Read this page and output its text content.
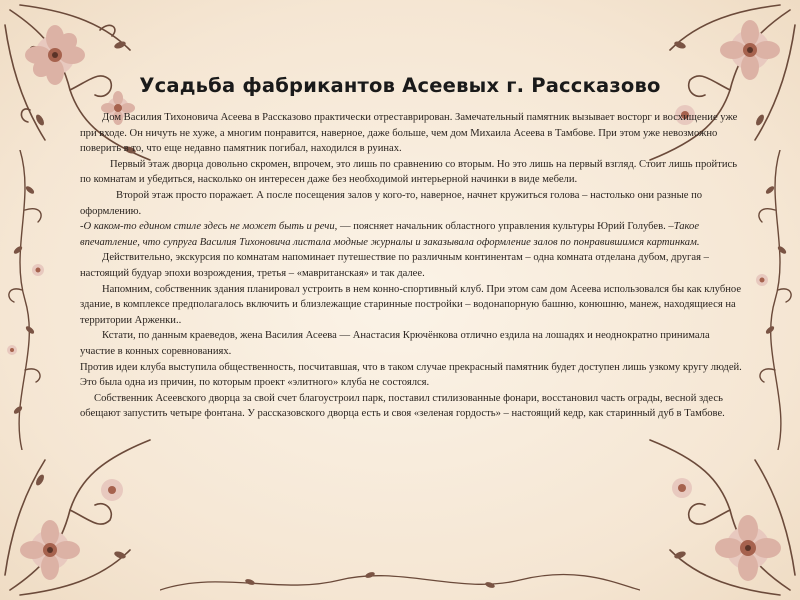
Усадьба фабрикантов Асеевых г. Рассказово

Дом Василия Тихоновича Асеева в Рассказово практически отреставрирован. Замечательный памятник вызывает восторг и восхищение уже при входе. Он ничуть не хуже, а многим понравится, наверное, даже больше, чем дом Михаила Асеева в Тамбове. При этом уже невозможно поверить в то, что еще недавно памятник погибал, находился в руинах.

Первый этаж дворца довольно скромен, впрочем, это лишь по сравнению со вторым. Но это лишь на первый взгляд. Стоит лишь пройтись по комнатам и убедиться, насколько он интересен даже без необходимой интерьерной начинки в виде мебели.

Второй этаж просто поражает. А после посещения залов у кого-то, наверное, начнет кружиться голова – настолько они разные по оформлению.

-О каком-то едином стиле здесь не может быть и речи, — поясняет начальник областного управления культуры Юрий Голубев. –Такое впечатление, что супруга Василия Тихоновича листала модные журналы и заказывала оформление залов по понравившимся картинкам.

Действительно, экскурсия по комнатам напоминает путешествие по различным континентам – одна комната отделана дубом, другая – настоящий будуар эпохи возрождения, третья – «мавританская» и так далее.

Напомним, собственник здания планировал устроить в нем конно-спортивный клуб. При этом сам дом Асеева использовался бы как клубное здание, в комплексе предполагалось включить и близлежащие старинные постройки – водонапорную башню, конюшню, манеж, находящиеся на территории Арженки..

Кстати, по данным краеведов, жена Василия Асеева — Анастасия Крючёнкова отлично ездила на лошадях и неоднократно принимала участие в конных соревнованиях.

Против идеи клуба выступила общественность, посчитавшая, что в таком случае прекрасный памятник будет доступен лишь узкому кругу людей. Это была одна из причин, по которым проект «элитного» клуба не состоялся.

Собственник Асеевского дворца за свой счет благоустроил парк, поставил стилизованные фонари, восстановил часть ограды, весной здесь обещают запустить четыре фонтана. У рассказовского дворца есть и своя «зеленая гордость» – настоящий кедр, как старинный дуб в Тамбове.
